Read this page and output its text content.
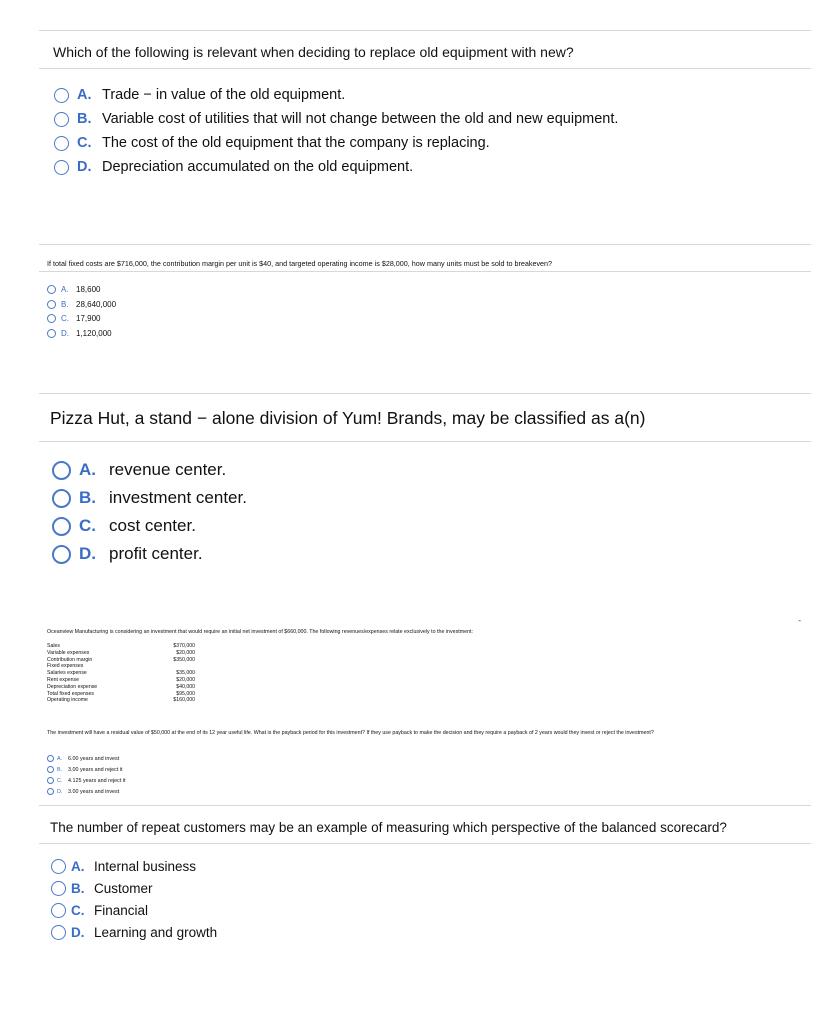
Which of the following is relevant when deciding to replace old equipment with new?
A. Trade − in value of the old equipment.
B. Variable cost of utilities that will not change between the old and new equipment.
C. The cost of the old equipment that the company is replacing.
D. Depreciation accumulated on the old equipment.
If total fixed costs are $716,000, the contribution margin per unit is $40, and targeted operating income is $28,000, how many units must be sold to breakeven?
A. 18,600
B. 28,640,000
C. 17,900
D. 1,120,000
Pizza Hut, a stand − alone division of Yum! Brands, may be classified as a(n)
A. revenue center.
B. investment center.
C. cost center.
D. profit center.
-
Oceanview Manufacturing is considering an investment that would require an initial net investment of $660,000. The following revenues/expenses relate exclusively to the investment:
Sales	$370,000
Variable expenses	$20,000
Contribution margin	$350,000
Fixed expenses	
Salaries expense	$35,000
Rent expense	$20,000
Depreciation expense	$40,000
Total fixed expenses	$95,000
Operating income	$160,000
The investment will have a residual value of $50,000 at the end of its 12 year useful life. What is the payback period for this investment? If they use payback to make the decision and they require a payback of 2 years would they invest or reject the investment?
A.	6.00 years and invest
B.	3.00 years and reject it
C.	4.125 years and reject it
D.	3.00 years and invest
The number of repeat customers may be an example of measuring which perspective of the balanced scorecard?
A. Internal business
B. Customer
C. Financial
D. Learning and growth
